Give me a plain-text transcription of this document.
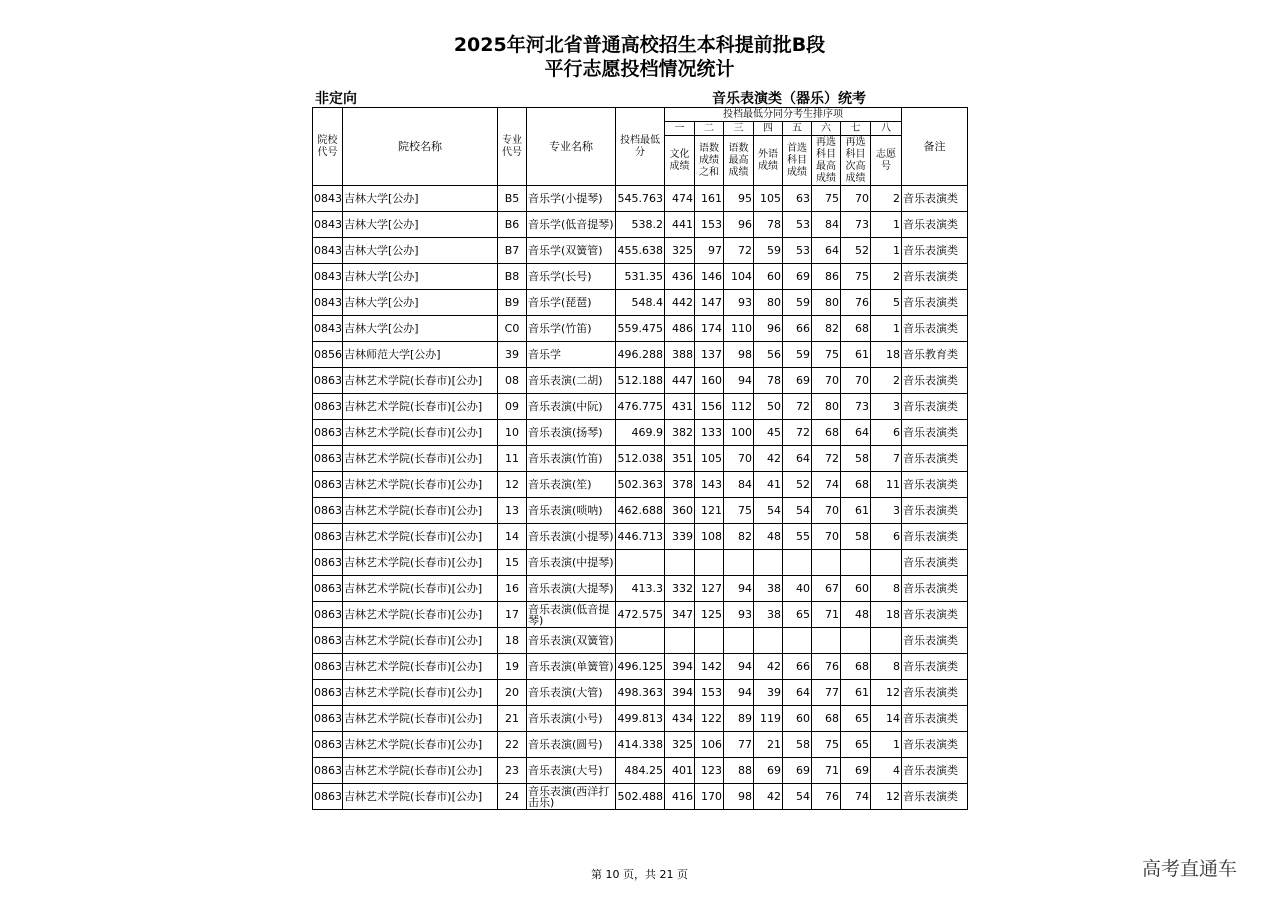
2025年河北省普通高校招生本科提前批B段
平行志愿投档情况统计
非定向	音乐表演类（器乐）统考
院校代号	院校名称	专业代号	专业名称	投档最低分	投档最低分同分考生排序项								备注
					一	二	三	四	五	六	七	八	
					文化成绩	语数成绩之和	语数最高成绩	外语成绩	首选科目成绩	再选科目最高成绩	再选科目次高成绩	志愿号	
0843	吉林大学[公办]	B5	音乐学(小提琴)	545.763	474	161	95	105	63	75	70	2	音乐表演类
0843	吉林大学[公办]	B6	音乐学(低音提琴)	538.2	441	153	96	78	53	84	73	1	音乐表演类
0843	吉林大学[公办]	B7	音乐学(双簧管)	455.638	325	97	72	59	53	64	52	1	音乐表演类
0843	吉林大学[公办]	B8	音乐学(长号)	531.35	436	146	104	60	69	86	75	2	音乐表演类
0843	吉林大学[公办]	B9	音乐学(琵琶)	548.4	442	147	93	80	59	80	76	5	音乐表演类
0843	吉林大学[公办]	C0	音乐学(竹笛)	559.475	486	174	110	96	66	82	68	1	音乐表演类
0856	吉林师范大学[公办]	39	音乐学	496.288	388	137	98	56	59	75	61	18	音乐教育类
0863	吉林艺术学院(长春市)[公办]	08	音乐表演(二胡)	512.188	447	160	94	78	69	70	70	2	音乐表演类
0863	吉林艺术学院(长春市)[公办]	09	音乐表演(中阮)	476.775	431	156	112	50	72	80	73	3	音乐表演类
0863	吉林艺术学院(长春市)[公办]	10	音乐表演(扬琴)	469.9	382	133	100	45	72	68	64	6	音乐表演类
0863	吉林艺术学院(长春市)[公办]	11	音乐表演(竹笛)	512.038	351	105	70	42	64	72	58	7	音乐表演类
0863	吉林艺术学院(长春市)[公办]	12	音乐表演(笙)	502.363	378	143	84	41	52	74	68	11	音乐表演类
0863	吉林艺术学院(长春市)[公办]	13	音乐表演(唢呐)	462.688	360	121	75	54	54	70	61	3	音乐表演类
0863	吉林艺术学院(长春市)[公办]	14	音乐表演(小提琴)	446.713	339	108	82	48	55	70	58	6	音乐表演类
0863	吉林艺术学院(长春市)[公办]	15	音乐表演(中提琴)										音乐表演类
0863	吉林艺术学院(长春市)[公办]	16	音乐表演(大提琴)	413.3	332	127	94	38	40	67	60	8	音乐表演类
0863	吉林艺术学院(长春市)[公办]	17	音乐表演(低音提琴)	472.575	347	125	93	38	65	71	48	18	音乐表演类
0863	吉林艺术学院(长春市)[公办]	18	音乐表演(双簧管)										音乐表演类
0863	吉林艺术学院(长春市)[公办]	19	音乐表演(单簧管)	496.125	394	142	94	42	66	76	68	8	音乐表演类
0863	吉林艺术学院(长春市)[公办]	20	音乐表演(大管)	498.363	394	153	94	39	64	77	61	12	音乐表演类
0863	吉林艺术学院(长春市)[公办]	21	音乐表演(小号)	499.813	434	122	89	119	60	68	65	14	音乐表演类
0863	吉林艺术学院(长春市)[公办]	22	音乐表演(圆号)	414.338	325	106	77	21	58	75	65	1	音乐表演类
0863	吉林艺术学院(长春市)[公办]	23	音乐表演(大号)	484.25	401	123	88	69	69	71	69	4	音乐表演类
0863	吉林艺术学院(长春市)[公办]	24	音乐表演(西洋打击乐)	502.488	416	170	98	42	54	76	74	12	音乐表演类
第 10 页，共 21 页	高考直通车
